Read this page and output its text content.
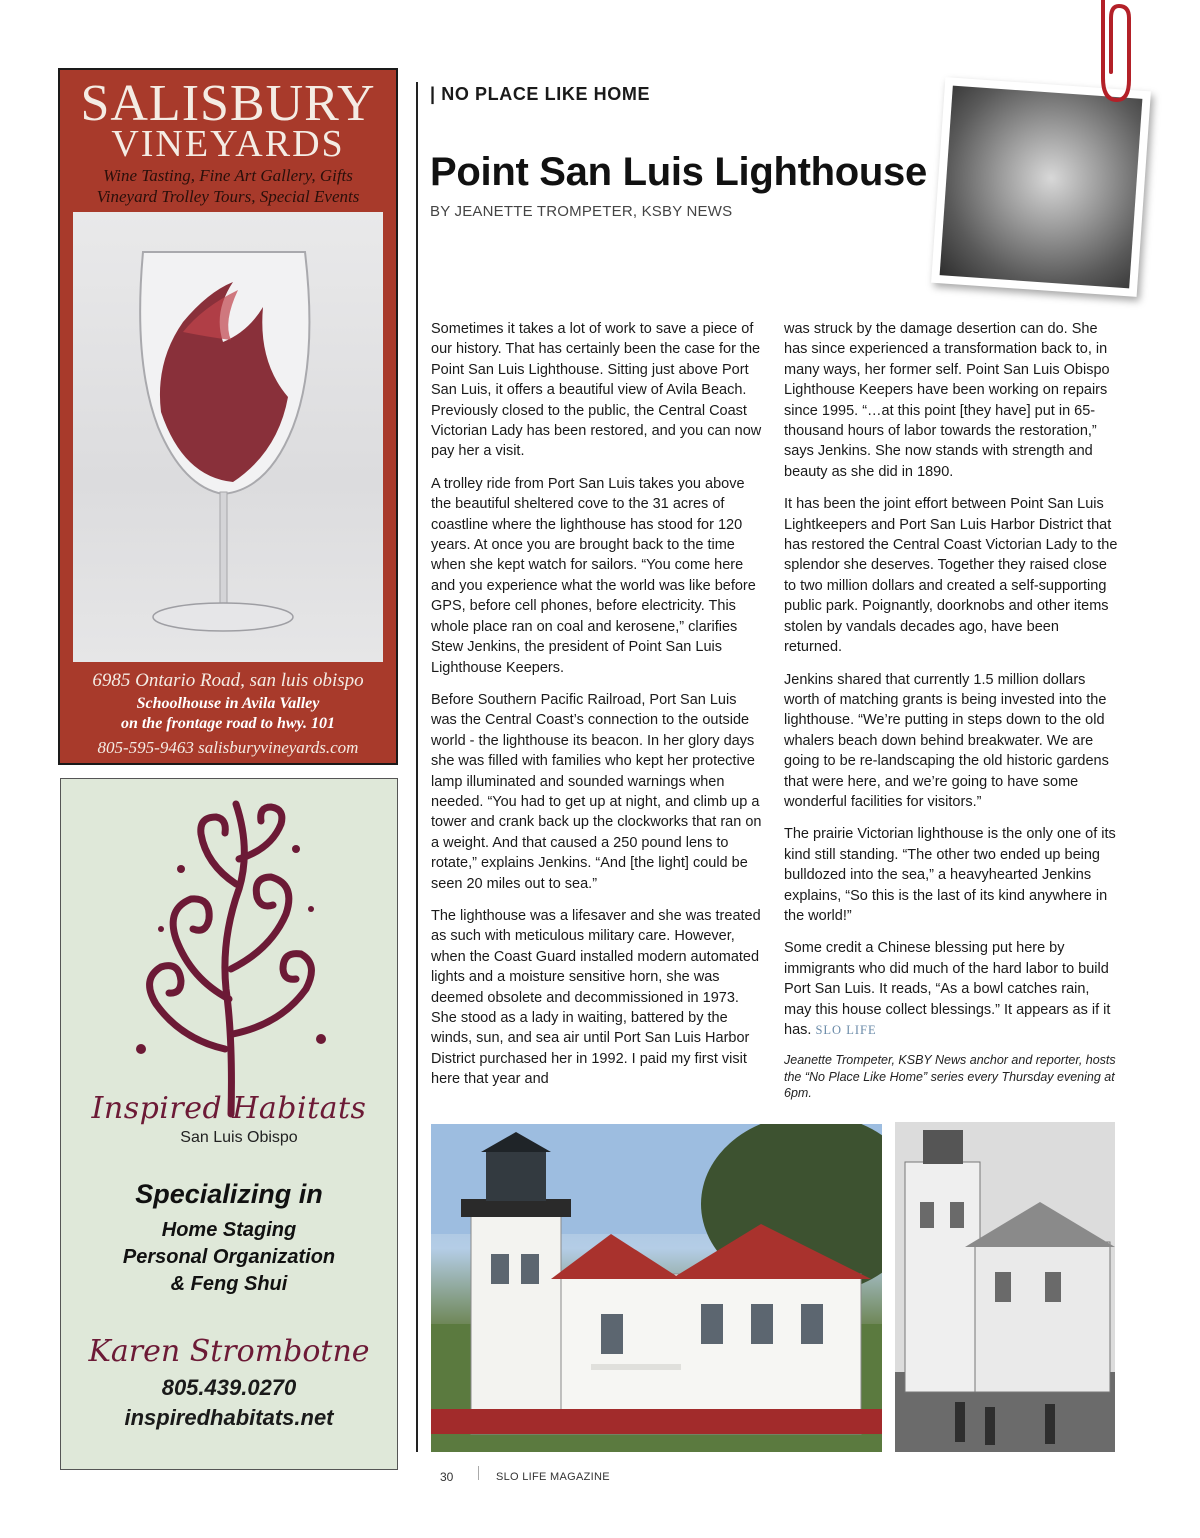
SALISBURY
VINEYARDS
Wine Tasting, Fine Art Gallery, Gifts
Vineyard Trolley Tours, Special Events
6985 Ontario Road, san luis obispo
Schoolhouse in Avila Valley
on the frontage road to hwy. 101
805-595-9463 salisburyvineyards.com
Inspired Habitats
San Luis Obispo
Specializing in
Home Staging
Personal Organization
& Feng Shui
Karen Strombotne
805.439.0270
inspiredhabitats.net
| NO PLACE LIKE HOME
Point San Luis Lighthouse
BY JEANETTE TROMPETER, KSBY NEWS

Sometimes it takes a lot of work to save a piece of our history. That has certainly been the case for the Point San Luis Lighthouse. Sitting just above Port San Luis, it offers a beautiful view of Avila Beach. Previously closed to the public, the Central Coast Victorian Lady has been restored, and you can now pay her a visit.

A trolley ride from Port San Luis takes you above the beautiful sheltered cove to the 31 acres of coastline where the lighthouse has stood for 120 years. At once you are brought back to the time when she kept watch for sailors. “You come here and you experience what the world was like before GPS, before cell phones, before electricity. This whole place ran on coal and kerosene,” clarifies Stew Jenkins, the president of Point San Luis Lighthouse Keepers.

Before Southern Pacific Railroad, Port San Luis was the Central Coast’s connection to the outside world - the lighthouse its beacon. In her glory days she was filled with families who kept her protective lamp illuminated and sounded warnings when needed. “You had to get up at night, and climb up a tower and crank back up the clockworks that ran on a weight. And that caused a 250 pound lens to rotate,” explains Jenkins. “And [the light] could be seen 20 miles out to sea.”

The lighthouse was a lifesaver and she was treated as such with meticulous military care. However, when the Coast Guard installed modern automated lights and a moisture sensitive horn, she was deemed obsolete and decommissioned in 1973. She stood as a lady in waiting, battered by the winds, sun, and sea air until Port San Luis Harbor District purchased her in 1992. I paid my first visit here that year and

was struck by the damage desertion can do. She has since experienced a transformation back to, in many ways, her former self. Point San Luis Obispo Lighthouse Keepers have been working on repairs since 1995. “…at this point [they have] put in 65-thousand hours of labor towards the restoration,” says Jenkins. She now stands with strength and beauty as she did in 1890.

It has been the joint effort between Point San Luis Lightkeepers and Port San Luis Harbor District that has restored the Central Coast Victorian Lady to the splendor she deserves. Together they raised close to two million dollars and created a self-supporting public park. Poignantly, doorknobs and other items stolen by vandals decades ago, have been returned.

Jenkins shared that currently 1.5 million dollars worth of matching grants is being invested into the lighthouse. “We’re putting in steps down to the old whalers beach down behind breakwater. We are going to be re-landscaping the old historic gardens that were here, and we’re going to have some wonderful facilities for visitors.”

The prairie Victorian lighthouse is the only one of its kind still standing. “The other two ended up being bulldozed into the sea,” a heavyhearted Jenkins explains, “So this is the last of its kind anywhere in the world!”

Some credit a Chinese blessing put here by immigrants who did much of the hard labor to build Port San Luis. It reads, “As a bowl catches rain, may this house collect blessings.” It appears as if it has. SLO LIFE

Jeanette Trompeter, KSBY News anchor and reporter, hosts the “No Place Like Home” series every Thursday evening at 6pm.

30	SLO LIFE MAGAZINE
